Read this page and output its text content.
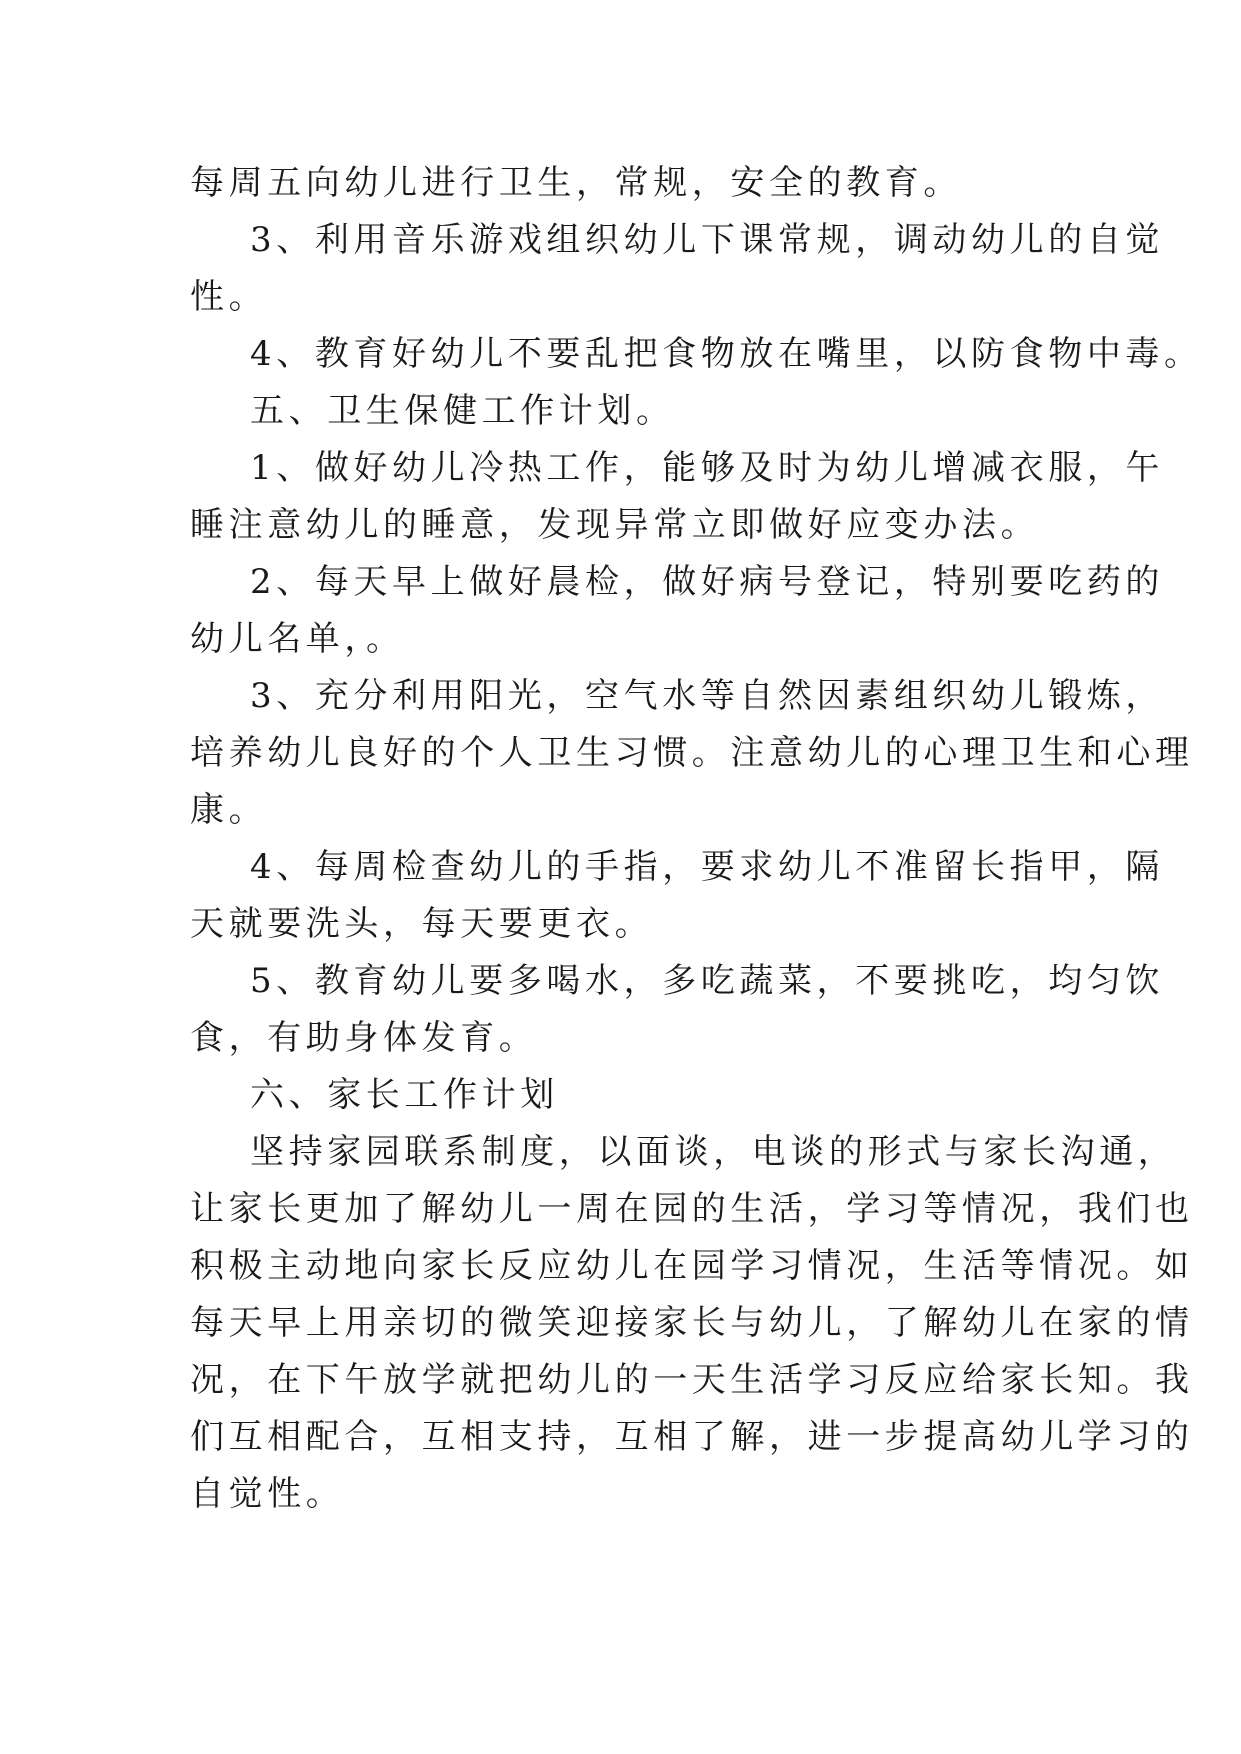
每周五向幼儿进行卫生，常规，安全的教育。
3、利用音乐游戏组织幼儿下课常规，调动幼儿的自觉
性。
4、教育好幼儿不要乱把食物放在嘴里，以防食物中毒。
五、卫生保健工作计划。
1、做好幼儿冷热工作，能够及时为幼儿增减衣服，午
睡注意幼儿的睡意，发现异常立即做好应变办法。
2、每天早上做好晨检，做好病号登记，特别要吃药的
幼儿名单，。
3、充分利用阳光，空气水等自然因素组织幼儿锻炼，
培养幼儿良好的个人卫生习惯。注意幼儿的心理卫生和心理
康。
4、每周检查幼儿的手指，要求幼儿不准留长指甲，隔
天就要洗头，每天要更衣。
5、教育幼儿要多喝水，多吃蔬菜，不要挑吃，均匀饮
食，有助身体发育。
六、家长工作计划
坚持家园联系制度，以面谈，电谈的形式与家长沟通，
让家长更加了解幼儿一周在园的生活，学习等情况，我们也
积极主动地向家长反应幼儿在园学习情况，生活等情况。如
每天早上用亲切的微笑迎接家长与幼儿，了解幼儿在家的情
况，在下午放学就把幼儿的一天生活学习反应给家长知。我
们互相配合，互相支持，互相了解，进一步提高幼儿学习的
自觉性。
